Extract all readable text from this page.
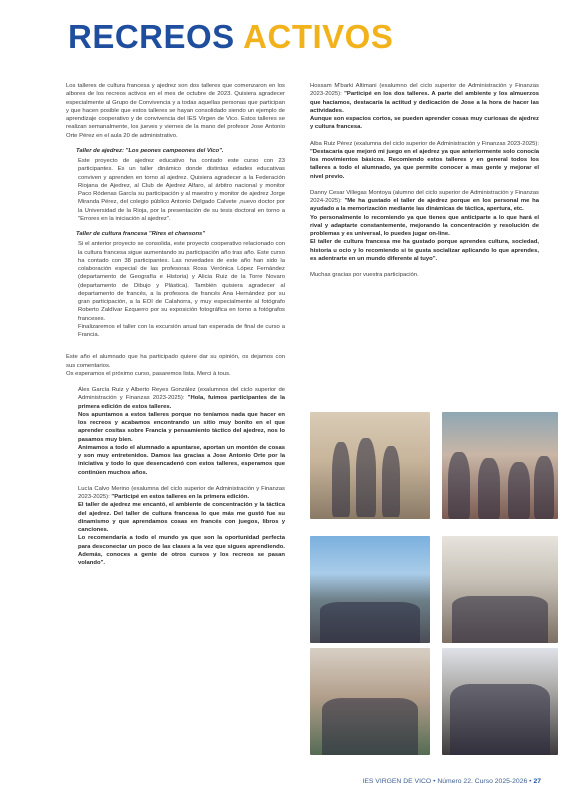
RECREOS ACTIVOS

Los talleres de cultura francesa y ajedrez son dos talleres que comenzaron en los albores de los recreos activos en el mes de octubre de 2023. Quisiera agradecer especialmente al Grupo de Convivencia y a todas aquellas personas que participan y que hacen posible que estos talleres se hayan consolidado siendo un ejemplo de aprendizaje cooperativo y de convivencia del IES Virgen de Vico. Estos talleres se realizan semanalmente, los jueves y viernes de la mano del profesor Jose Antonio Orte Pérez en el aula 20 de administrativo.

Taller de ajedrez: "Los peones campeones del Vico".

Este proyecto de ajedrez educativo ha contado este curso con 23 participantes. Es un taller dinámico donde distintas edades educativas conviven y aprenden en torno al ajedrez. Quisiera agradecer a la Federación Riojana de Ajedrez, al Club de Ajedrez Alfaro, al árbitro nacional y monitor Paco Ródenas García su participación y al maestro y monitor de ajedrez Jorge Miranda Pérez, del colegio público Antonio Delgado Calvete ,nuevo doctor por la Universidad de la Rioja, por la presentación de su tesis doctoral en torno a "Errores en la iniciación al ajedrez".

Taller de cultura francesa "Rires et chansons"

Si el anterior proyecto se consolida, este proyecto cooperativo relacionado con la cultura francesa sigue aumentando su participación año tras año. Este curso ha contado con 38 participantes. Las novedades de este año han sido la colaboración especial de las profesoras Rosa Verónica López Fernández (departamento de Geografía e Historia) y Alicia Ruiz de la Torre Novaro (departamento de Dibujo y Plástica). También quisiera agradecer al departamento de francés, a la profesora de francés Ana Hernández por su gran participación, a la EOI de Calahorra, y muy especialmente al fotógrafo Roberto Zaldívar Ezquerro por su exposición fotográfica en torno a fotógrafos franceses.

Finalizaremos el taller con la excursión anual tan esperada de final de curso a Francia.

Este año el alumnado que ha participado quiere dar su opinión, os dejamos con sus comentarios.

Os esperamos el próximo curso, pasaremos lista. Merci à tous.

Álex García Ruiz y Alberto Reyes González (exalumnos del ciclo superior de Administración y Finanzas 2023-2025): "Hola, fuimos participantes de la primera edición de estos talleres.

Nos apuntamos a estos talleres porque no teníamos nada que hacer en los recreos y acabamos encontrando un sitio muy bonito en el que aprender cositas sobre Francia y pensamiento táctico del ajedrez, nos lo pasamos muy bien.

Animamos a todo el alumnado a apuntarse, aportan un montón de cosas y son muy entretenidos. Damos las gracias a Jose Antonio Orte por la iniciativa y todo lo que desencadenó con estos talleres, esperamos que continúen muchos años.

Lucía Calvo Merino (exalumna del ciclo superior de Administración y Finanzas 2023-2025): "Participé en estos talleres en la primera edición.

El taller de ajedrez me encantó, el ambiente de concentración y la táctica del ajedrez. Del taller de cultura francesa lo que más me gustó fue su dinamismo y que aprendamos cosas en francés con juegos, libros y canciones.

Lo recomendaría a todo el mundo ya que son la oportunidad perfecta para desconectar un poco de las clases a la vez que sigues aprendiendo. Además, conoces a gente de otros cursos y los recreos se pasan volando".

Hossam M'barki Altimani (exalumno del ciclo superior de Administración y Finanzas 2023-2025): "Participé en los dos talleres. A parte del ambiente y los almuerzos que hacíamos, destacaría la actitud y dedicación de Jose a la hora de hacer las actividades.

Aunque son espacios cortos, se pueden aprender cosas muy curiosas de ajedrez y cultura francesa.

Alba Ruiz Pérez (exalumna del ciclo superior de Administración y Finanzas 2023-2025): "Destacaría que mejoró mi juego en el ajedrez ya que anteriormente solo conocía los movimientos básicos. Recomiendo estos talleres y en general todos los talleres a todo el alumnado, ya que permite conocer a mas gente y mejorar el nivel previo.

Danny Cesar Villegas Montoya (alumno del ciclo superior de Administración y Finanzas 2024-2025): "Me ha gustado el taller de ajedrez porque en los personal me ha ayudado a la memorización mediante las dinámicas de táctica, apertura, etc.

Yo personalmente lo recomiendo ya que tienes que anticiparte a lo que hará el rival y adaptarte constantemente, mejorando la concentración y resolución de problemas y es universal, lo puedes jugar on-line.

El taller de cultura francesa me ha gustado porque aprendes cultura, sociedad, historia u ocio y lo recomiendo si te gusta socializar aplicando lo que aprendes, es adentrarte en un mundo diferente al tuyo".

Muchas gracias por vuestra participación.

IES VIRGEN DE VICO • Número 22. Curso 2025-2026 • 27
